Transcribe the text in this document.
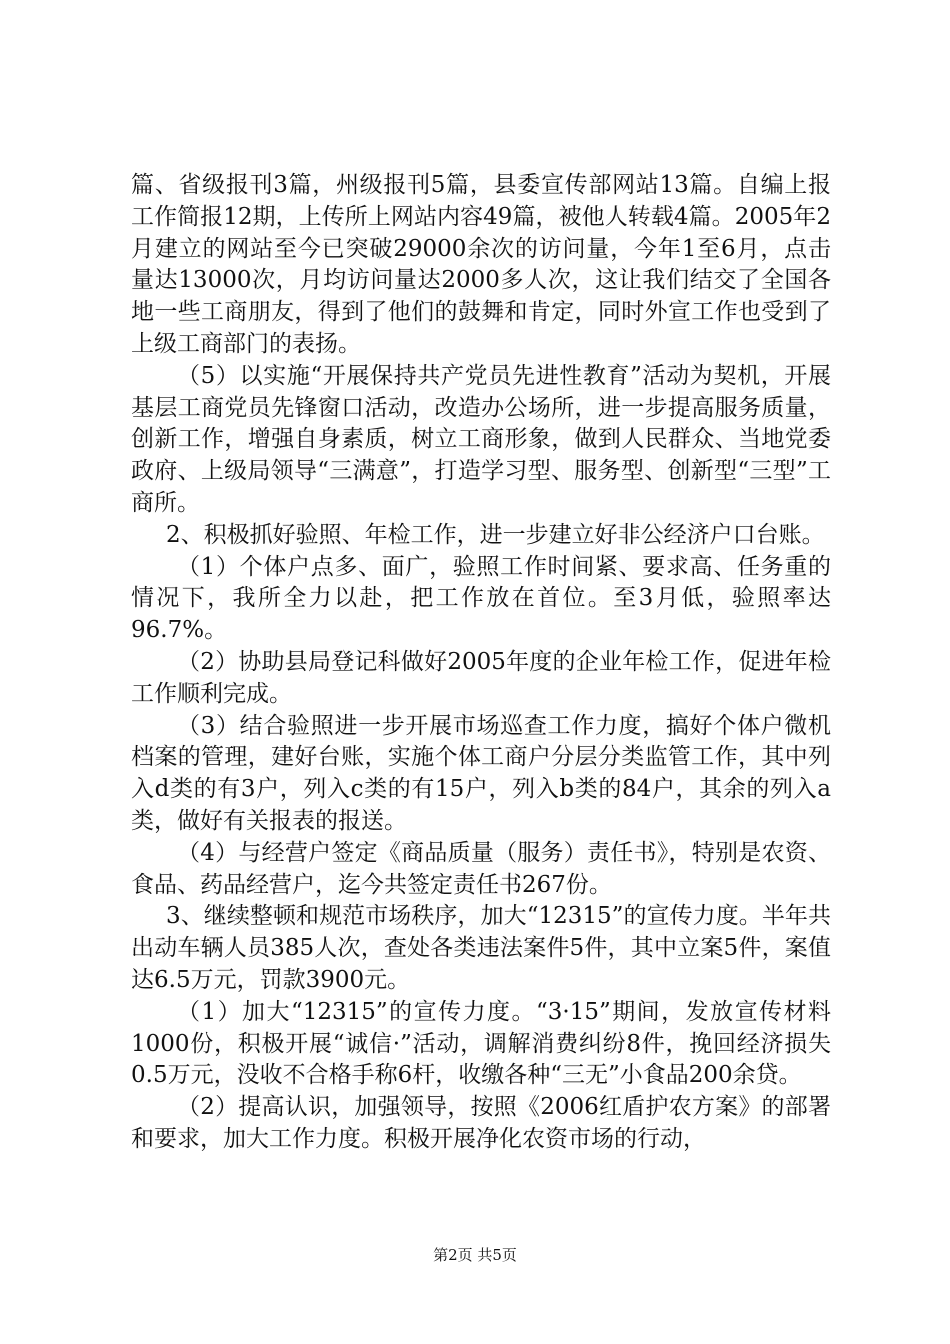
篇、省级报刊3篇，州级报刊5篇，县委宣传部网站13篇。自编上报工作简报12期，上传所上网站内容49篇，被他人转载4篇。2005年2月建立的网站至今已突破29000余次的访问量，今年1至6月，点击量达13000次，月均访问量达2000多人次，这让我们结交了全国各地一些工商朋友，得到了他们的鼓舞和肯定，同时外宣工作也受到了上级工商部门的表扬。

（5）以实施“开展保持共产党员先进性教育”活动为契机，开展基层工商党员先锋窗口活动，改造办公场所，进一步提高服务质量，创新工作，增强自身素质，树立工商形象，做到人民群众、当地党委政府、上级局领导“三满意”，打造学习型、服务型、创新型“三型”工商所。

2、积极抓好验照、年检工作，进一步建立好非公经济户口台账。

（1）个体户点多、面广，验照工作时间紧、要求高、任务重的情况下，我所全力以赴，把工作放在首位。至3月低，验照率达96.7%。

（2）协助县局登记科做好2005年度的企业年检工作，促进年检工作顺利完成。

（3）结合验照进一步开展市场巡查工作力度，搞好个体户微机档案的管理，建好台账，实施个体工商户分层分类监管工作，其中列入d类的有3户，列入c类的有15户，列入b类的84户，其余的列入a类，做好有关报表的报送。

（4）与经营户签定《商品质量（服务）责任书》，特别是农资、食品、药品经营户，迄今共签定责任书267份。

3、继续整顿和规范市场秩序，加大“12315”的宣传力度。半年共出动车辆人员385人次，查处各类违法案件5件，其中立案5件，案值达6.5万元，罚款3900元。

（1）加大“12315”的宣传力度。“3·15”期间，发放宣传材料1000份，积极开展“诚信·”活动，调解消费纠纷8件，挽回经济损失0.5万元，没收不合格手称6杆，收缴各种“三无”小食品200余贷。

（2）提高认识，加强领导，按照《2006红盾护农方案》的部署和要求，加大工作力度。积极开展净化农资市场的行动，

第2页 共5页
